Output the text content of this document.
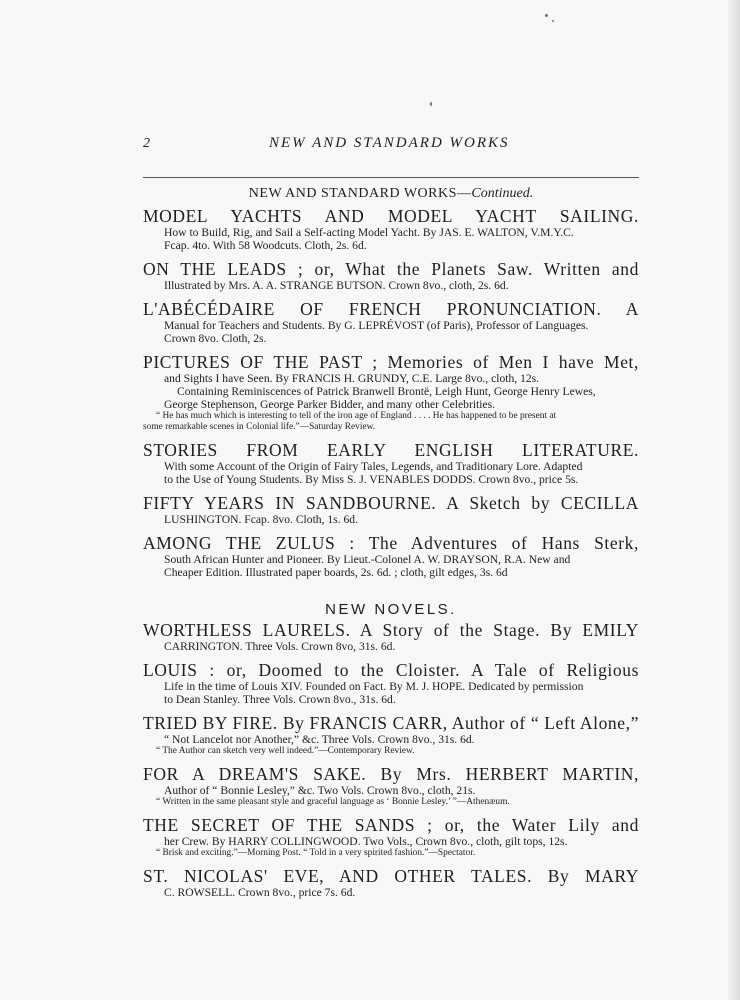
2	NEW AND STANDARD WORKS
NEW AND STANDARD WORKS—Continued.
MODEL YACHTS AND MODEL YACHT SAILING.
How to Build, Rig, and Sail a Self-acting Model Yacht. By JAS. E. WALTON, V.M.Y.C.
Fcap. 4to. With 58 Woodcuts. Cloth, 2s. 6d.
ON THE LEADS ; or, What the Planets Saw. Written and
Illustrated by Mrs. A. A. STRANGE BUTSON. Crown 8vo., cloth, 2s. 6d.
L'ABÉCÉDAIRE OF FRENCH PRONUNCIATION. A
Manual for Teachers and Students. By G. LEPRÉVOST (of Paris), Professor of Languages.
Crown 8vo. Cloth, 2s.
PICTURES OF THE PAST ; Memories of Men I have Met,
and Sights I have Seen. By FRANCIS H. GRUNDY, C.E. Large 8vo., cloth, 12s.
Containing Reminiscences of Patrick Branwell Brontë, Leigh Hunt, George Henry Lewes,
George Stephenson, George Parker Bidder, and many other Celebrities.
“ He has much which is interesting to tell of the iron age of England . . . . He has happened to be present at
some remarkable scenes in Colonial life.”—Saturday Review.
STORIES FROM EARLY ENGLISH LITERATURE.
With some Account of the Origin of Fairy Tales, Legends, and Traditionary Lore. Adapted
to the Use of Young Students. By Miss S. J. VENABLES DODDS. Crown 8vo., price 5s.
FIFTY YEARS IN SANDBOURNE. A Sketch by CECILLA
LUSHINGTON. Fcap. 8vo. Cloth, 1s. 6d.
AMONG THE ZULUS : The Adventures of Hans Sterk,
South African Hunter and Pioneer. By Lieut.-Colonel A. W. DRAYSON, R.A. New and
Cheaper Edition. Illustrated paper boards, 2s. 6d. ; cloth, gilt edges, 3s. 6d
NEW NOVELS.
WORTHLESS LAURELS. A Story of the Stage. By EMILY
CARRINGTON. Three Vols. Crown 8vo, 31s. 6d.
LOUIS : or, Doomed to the Cloister. A Tale of Religious
Life in the time of Louis XIV. Founded on Fact. By M. J. HOPE. Dedicated by permission
to Dean Stanley. Three Vols. Crown 8vo., 31s. 6d.
TRIED BY FIRE. By FRANCIS CARR, Author of “ Left Alone,”
“ Not Lancelot nor Another,” &c. Three Vols. Crown 8vo., 31s. 6d.
“ The Author can sketch very well indeed.”—Contemporary Review.
FOR A DREAM'S SAKE. By Mrs. HERBERT MARTIN,
Author of “ Bonnie Lesley,” &c. Two Vols. Crown 8vo., cloth, 21s.
“ Written in the same pleasant style and graceful language as ‘ Bonnie Lesley.’ ”—Athenæum.
THE SECRET OF THE SANDS ; or, the Water Lily and
her Crew. By HARRY COLLINGWOOD. Two Vols., Crown 8vo., cloth, gilt tops, 12s.
“ Brisk and exciting.”—Morning Post. “ Told in a very spirited fashion.”—Spectator.
ST. NICOLAS' EVE, AND OTHER TALES. By MARY
C. ROWSELL. Crown 8vo., price 7s. 6d.
